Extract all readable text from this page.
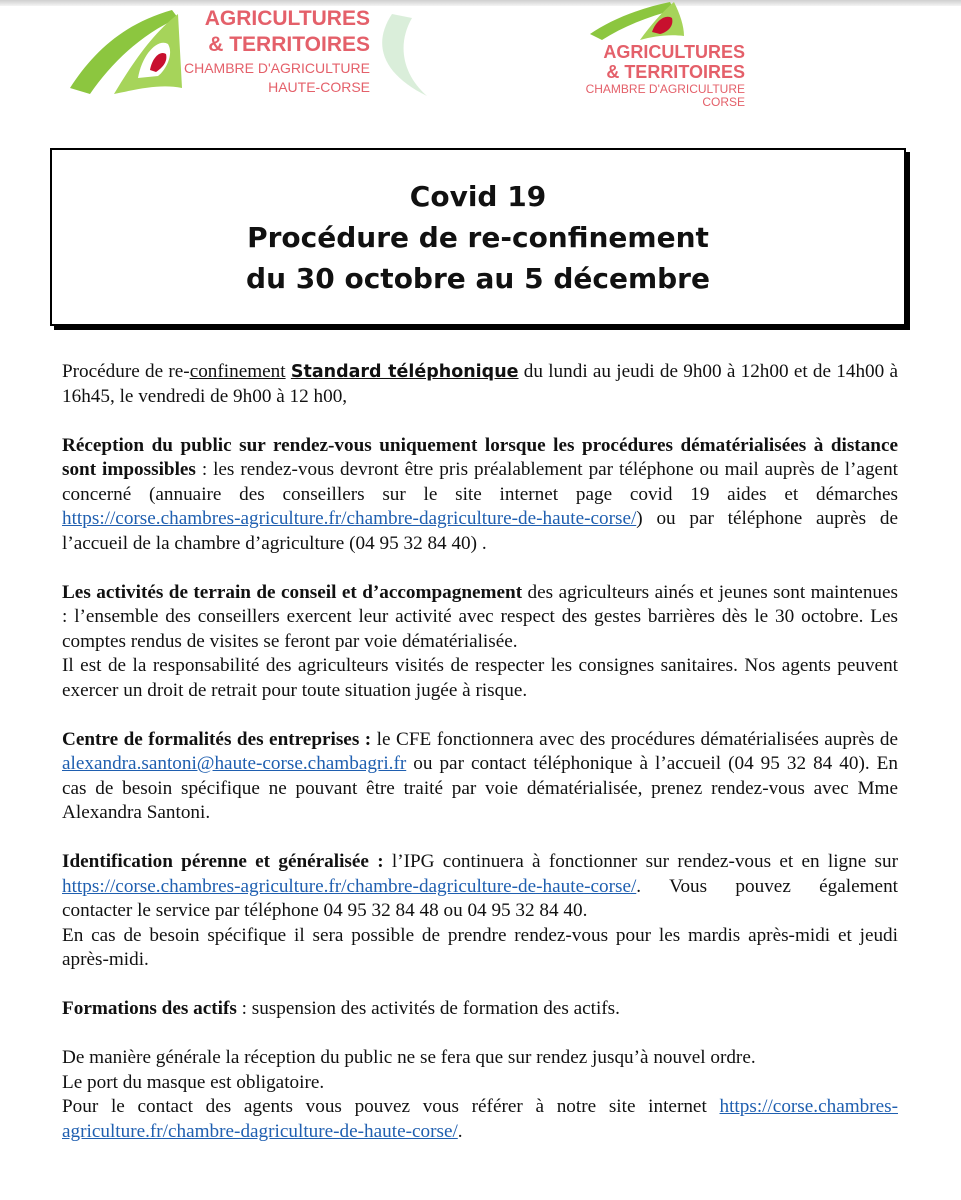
AGRICULTURES
& TERRITOIRES
CHAMBRE D'AGRICULTURE
HAUTE-CORSE
AGRICULTURES
& TERRITOIRES
CHAMBRE D'AGRICULTURE
CORSE
Covid 19
Procédure de re-confinement
du 30 octobre au 5 décembre

Procédure de re-confinement Standard téléphonique du lundi au jeudi de 9h00 à 12h00 et de 14h00 à 16h45, le vendredi de 9h00 à 12 h00,

Réception du public sur rendez-vous uniquement lorsque les procédures dématérialisées à distance sont impossibles : les rendez-vous devront être pris préalablement par téléphone ou mail auprès de l’agent concerné (annuaire des conseillers sur le site internet page covid 19 aides et démarches https://corse.chambres-agriculture.fr/chambre-dagriculture-de-haute-corse/) ou par téléphone auprès de l’accueil de la chambre d’agriculture (04 95 32 84 40) .

Les activités de terrain de conseil et d’accompagnement des agriculteurs ainés et jeunes sont maintenues : l’ensemble des conseillers exercent leur activité avec respect des gestes barrières dès le 30 octobre. Les comptes rendus de visites se feront par voie dématérialisée.

Il est de la responsabilité des agriculteurs visités de respecter les consignes sanitaires. Nos agents peuvent exercer un droit de retrait pour toute situation jugée à risque.

Centre de formalités des entreprises : le CFE fonctionnera avec des procédures dématérialisées auprès de alexandra.santoni@haute-corse.chambagri.fr ou par contact téléphonique à l’accueil (04 95 32 84 40). En cas de besoin spécifique ne pouvant être traité par voie dématérialisée, prenez rendez-vous avec Mme Alexandra Santoni.

Identification pérenne et généralisée : l’IPG continuera à fonctionner sur rendez-vous et en ligne sur https://corse.chambres-agriculture.fr/chambre-dagriculture-de-haute-corse/. Vous pouvez également contacter le service par téléphone 04 95 32 84 48 ou 04 95 32 84 40.

En cas de besoin spécifique il sera possible de prendre rendez-vous pour les mardis après-midi et jeudi après-midi.

Formations des actifs : suspension des activités de formation des actifs.

De manière générale la réception du public ne se fera que sur rendez jusqu’à nouvel ordre.
Le port du masque est obligatoire.
Pour le contact des agents vous pouvez vous référer à notre site internet https://corse.chambres-agriculture.fr/chambre-dagriculture-de-haute-corse/.
